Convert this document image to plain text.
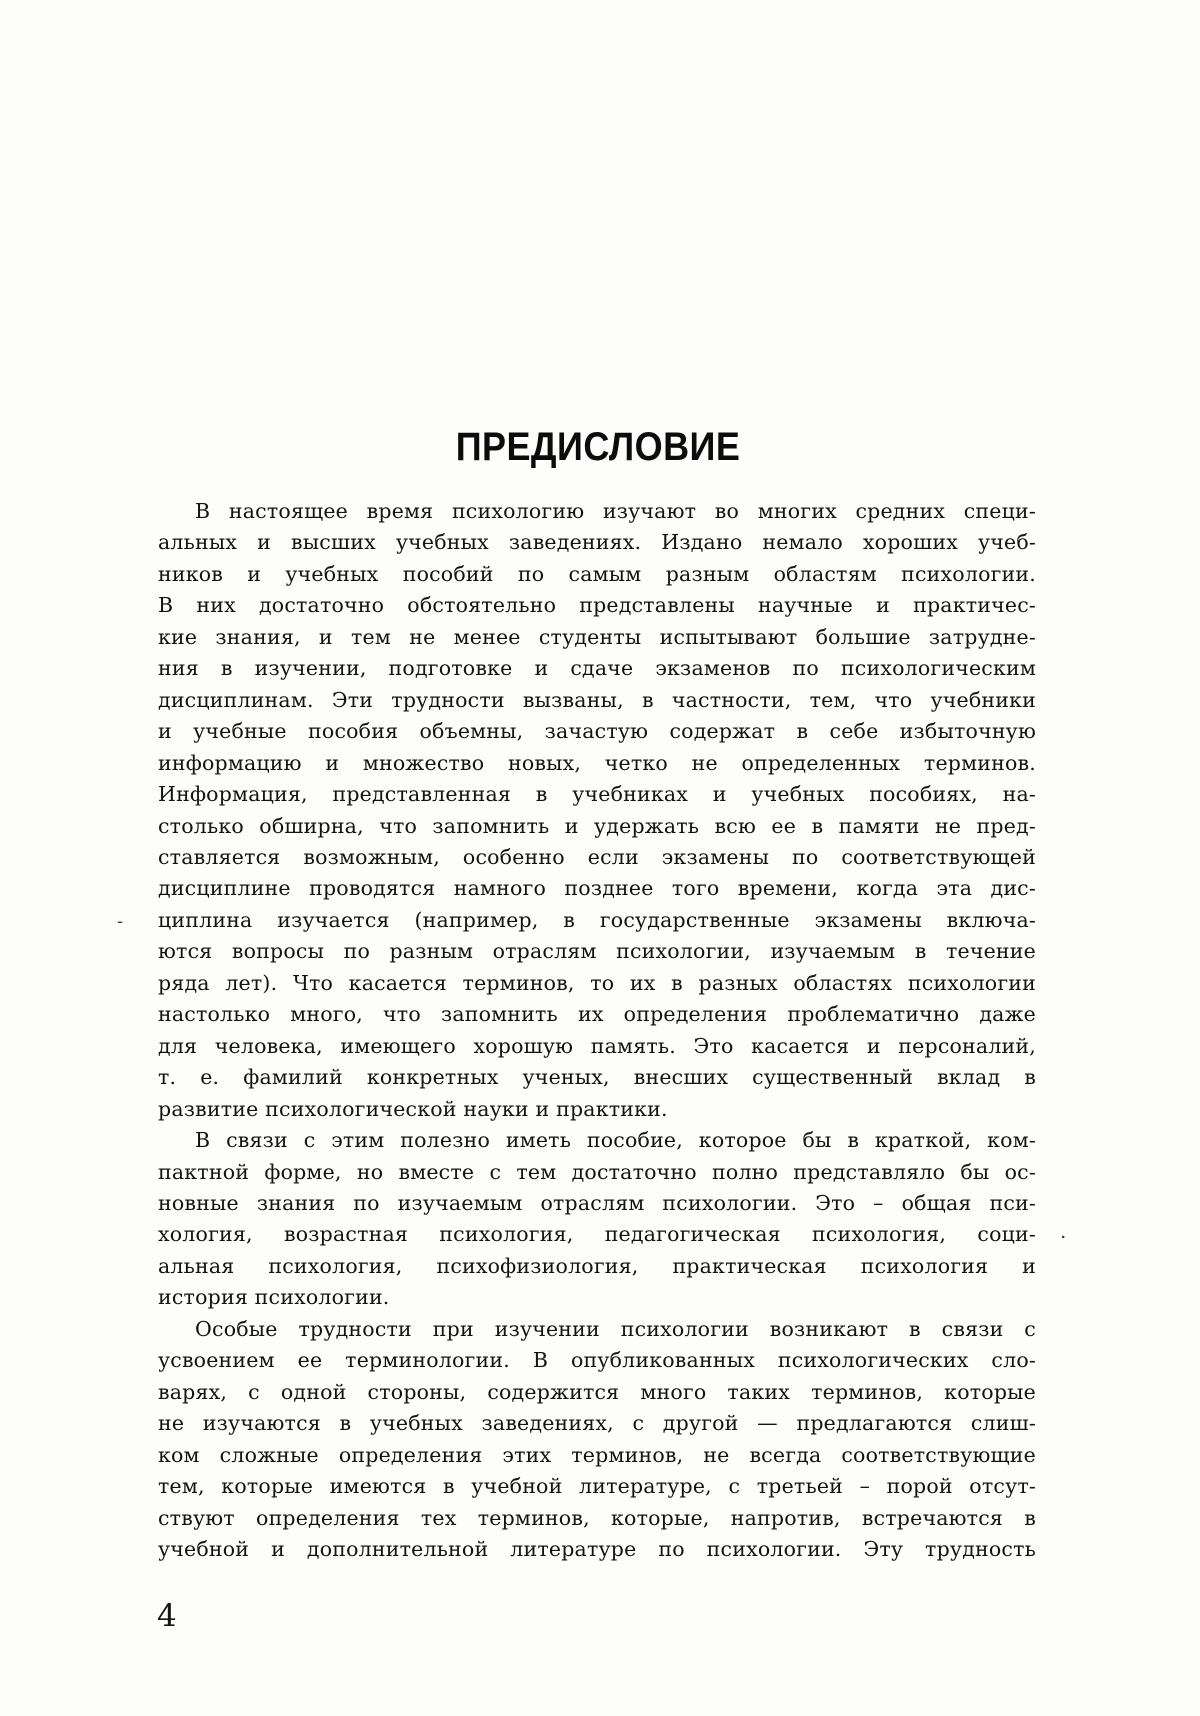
ПРЕДИСЛОВИЕ
В настоящее время психологию изучают во многих средних специ-
альных и высших учебных заведениях. Издано немало хороших учеб-
ников и учебных пособий по самым разным областям психологии.
В них достаточно обстоятельно представлены научные и практичес-
кие знания, и тем не менее студенты испытывают большие затрудне-
ния в изучении, подготовке и сдаче экзаменов по психологическим
дисциплинам. Эти трудности вызваны, в частности, тем, что учебники
и учебные пособия объемны, зачастую содержат в себе избыточную
информацию и множество новых, четко не определенных терминов.
Информация, представленная в учебниках и учебных пособиях, на-
столько обширна, что запомнить и удержать всю ее в памяти не пред-
ставляется возможным, особенно если экзамены по соответствующей
дисциплине проводятся намного позднее того времени, когда эта дис-
циплина изучается (например, в государственные экзамены включа-
ются вопросы по разным отраслям психологии, изучаемым в течение
ряда лет). Что касается терминов, то их в разных областях психологии
настолько много, что запомнить их определения проблематично даже
для человека, имеющего хорошую память. Это касается и персоналий,
т. е. фамилий конкретных ученых, внесших существенный вклад в
развитие психологической науки и практики.
В связи с этим полезно иметь пособие, которое бы в краткой, ком-
пактной форме, но вместе с тем достаточно полно представляло бы ос-
новные знания по изучаемым отраслям психологии. Это – общая пси-
хология, возрастная психология, педагогическая психология, соци-
альная психология, психофизиология, практическая психология и
история психологии.
Особые трудности при изучении психологии возникают в связи с
усвоением ее терминологии. В опубликованных психологических сло-
варях, с одной стороны, содержится много таких терминов, которые
не изучаются в учебных заведениях, с другой — предлагаются слиш-
ком сложные определения этих терминов, не всегда соответствующие
тем, которые имеются в учебной литературе, с третьей – порой отсут-
ствуют определения тех терминов, которые, напротив, встречаются в
учебной и дополнительной литературе по психологии. Эту трудность
-
.
4
